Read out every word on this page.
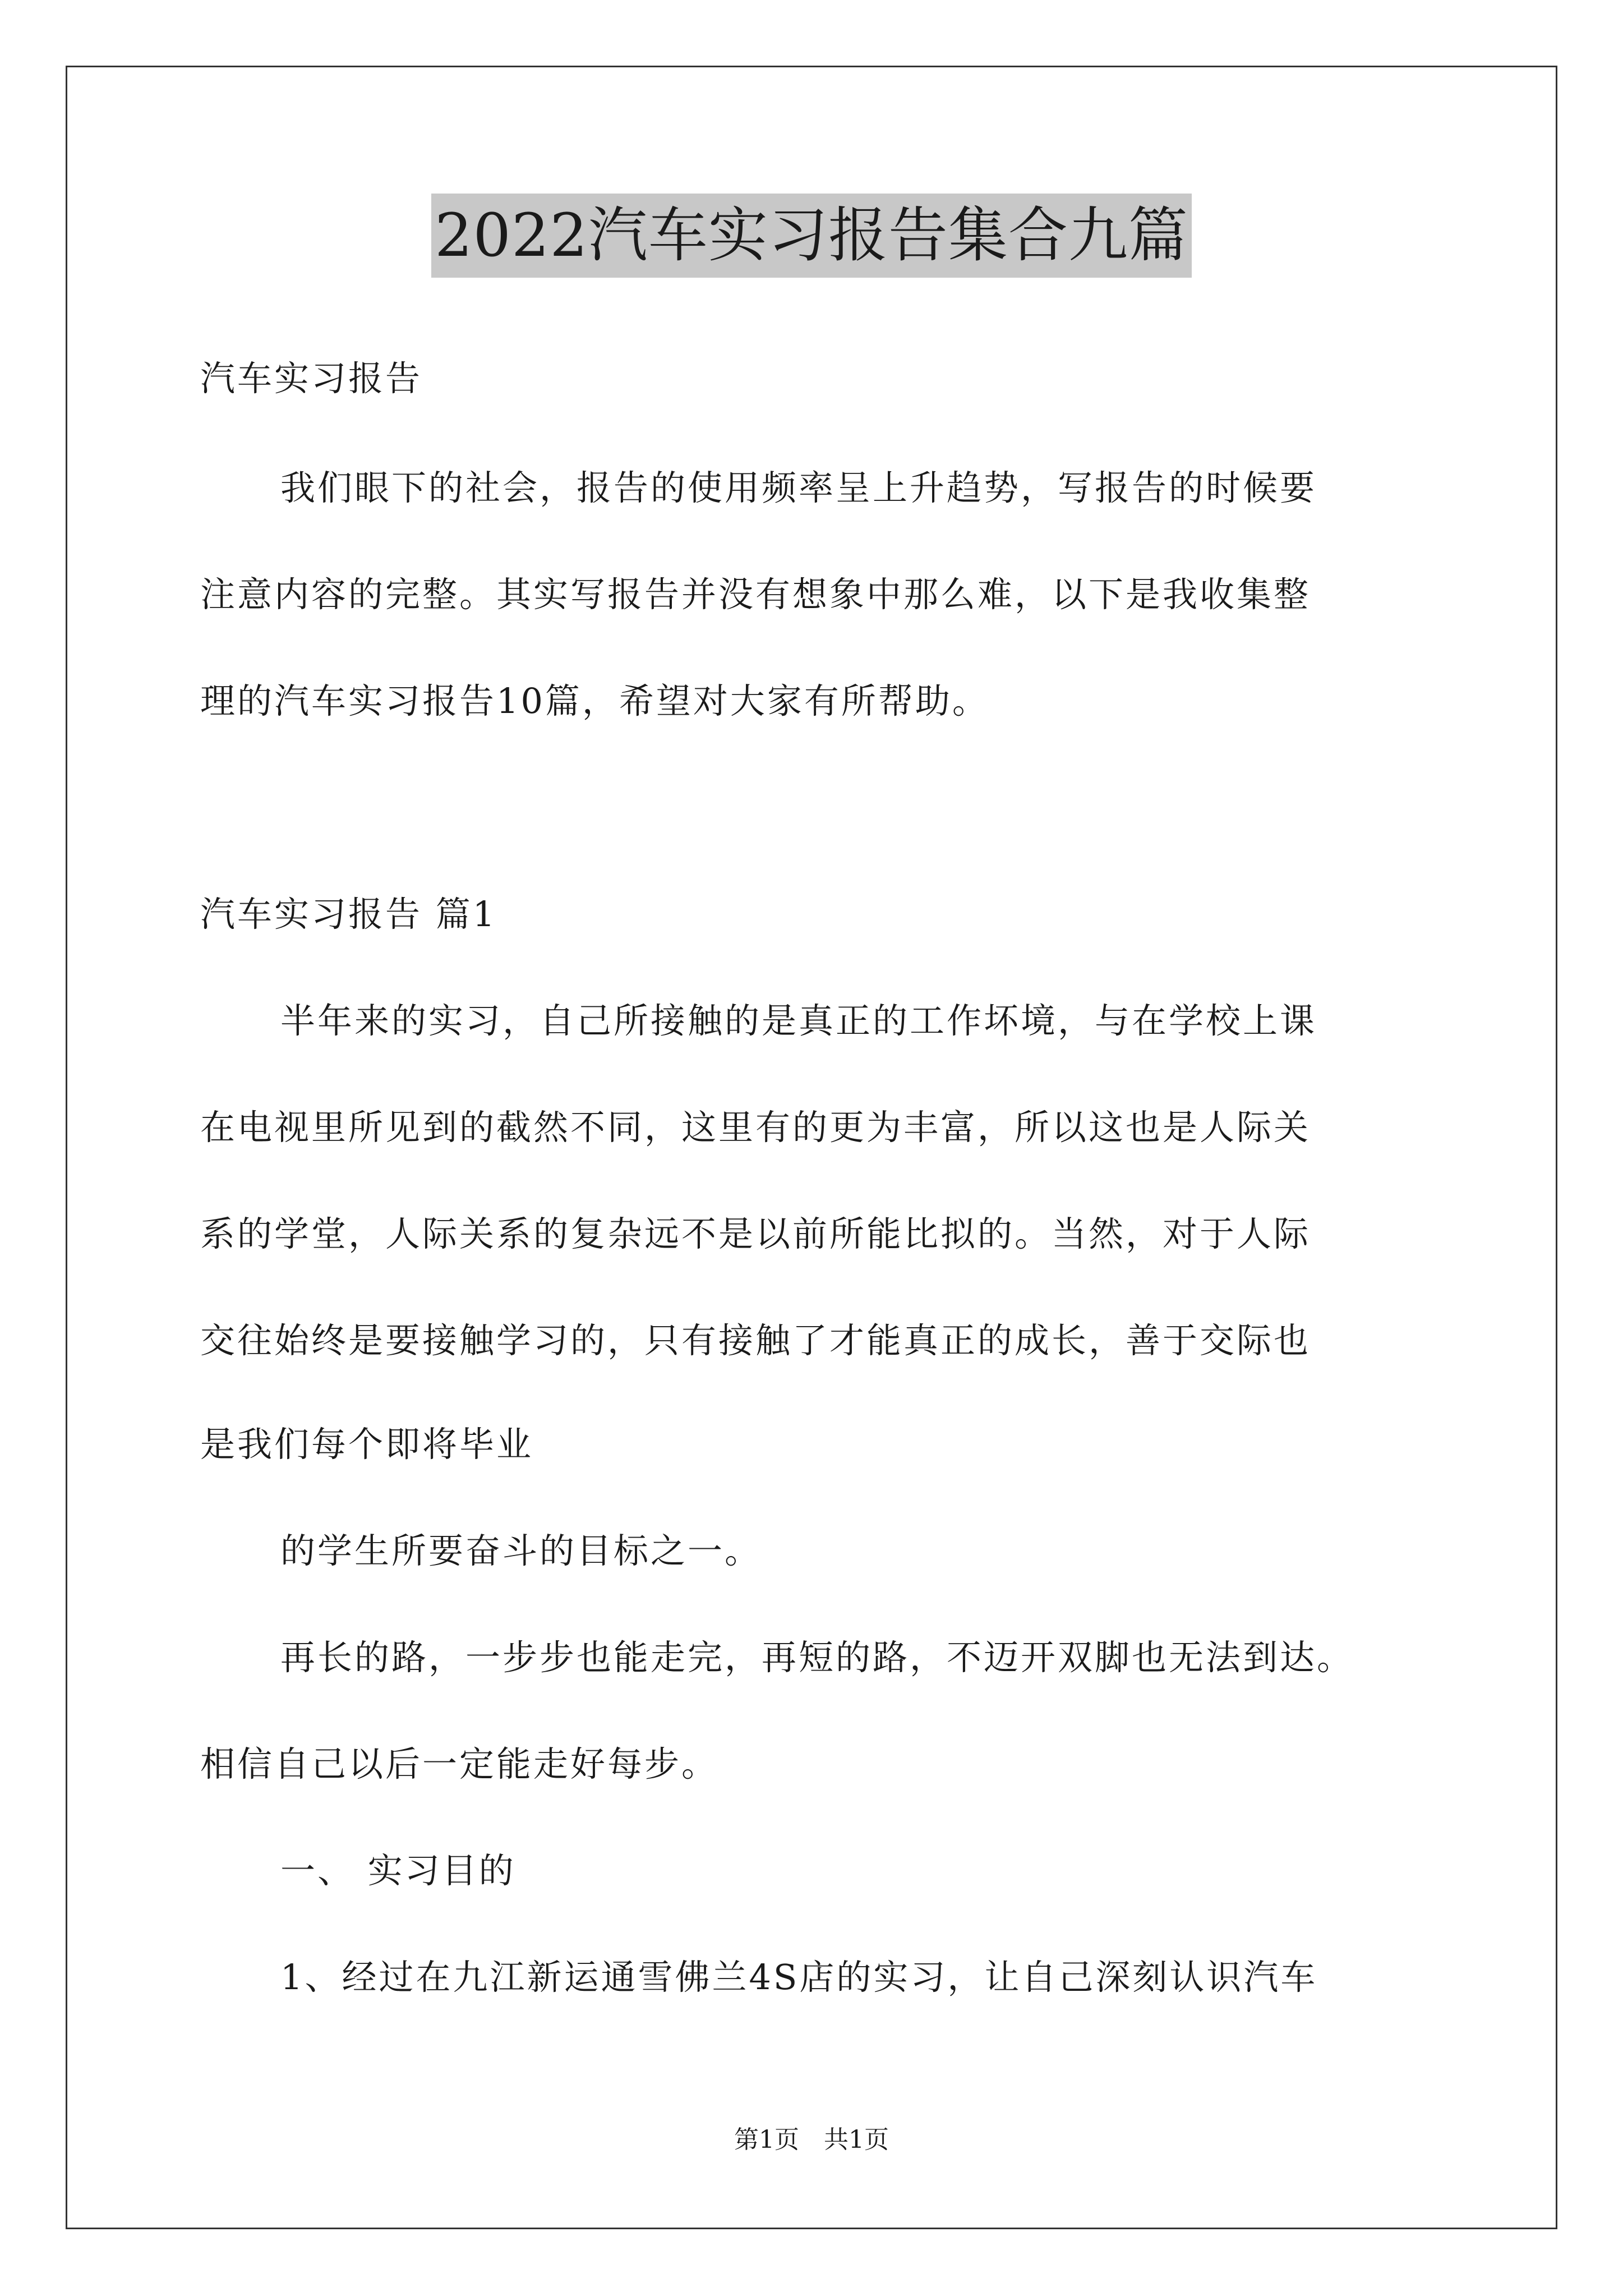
2022汽车实习报告集合九篇
汽车实习报告
我们眼下的社会，报告的使用频率呈上升趋势，写报告的时候要
注意内容的完整。其实写报告并没有想象中那么难，以下是我收集整
理的汽车实习报告10篇，希望对大家有所帮助。
汽车实习报告 篇1
半年来的实习，自己所接触的是真正的工作坏境，与在学校上课
在电视里所见到的截然不同，这里有的更为丰富，所以这也是人际关
系的学堂，人际关系的复杂远不是以前所能比拟的。当然，对于人际
交往始终是要接触学习的，只有接触了才能真正的成长，善于交际也
是我们每个即将毕业
的学生所要奋斗的目标之一。
再长的路，一步步也能走完，再短的路，不迈开双脚也无法到达。
相信自己以后一定能走好每步。
一、 实习目的
1、经过在九江新运通雪佛兰4S店的实习，让自己深刻认识汽车
第1页　共1页
